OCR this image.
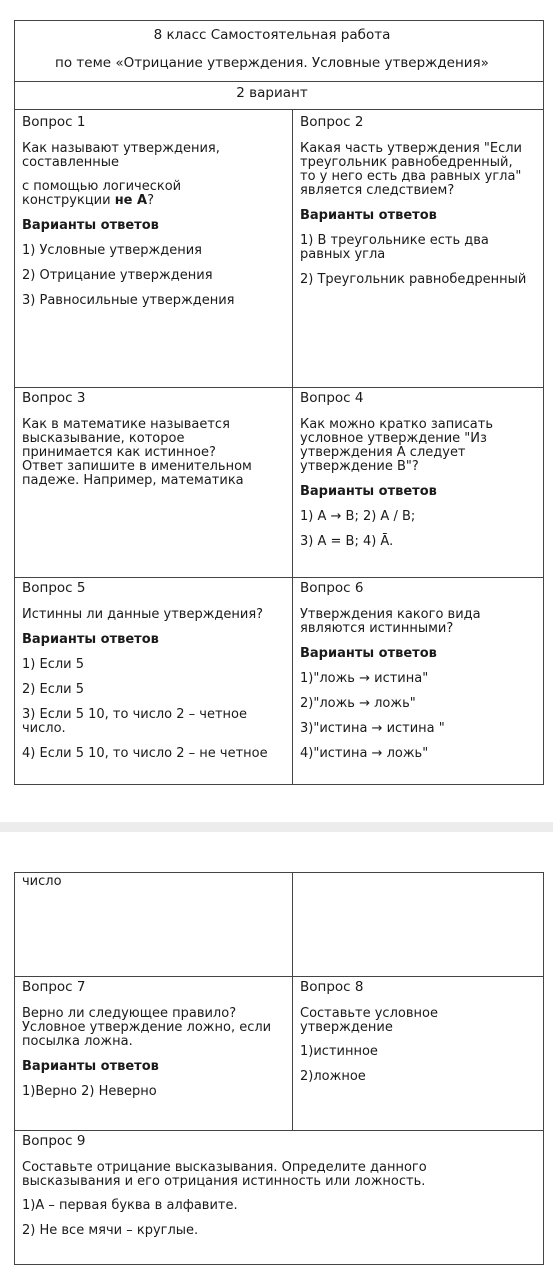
8 класс Самостоятельная работа
по теме «Отрицание утверждения. Условные утверждения»
2 вариант
Вопрос 1

Как называют утверждения,
составленные

с помощью логической
конструкции не А?

Варианты ответов
1) Условные утверждения
2) Отрицание утверждения
3) Равносильные утверждения
Вопрос 2

Какая часть утверждения "Если
треугольник равнобедренный,
то у него есть два равных угла"
является следствием?

Варианты ответов
1) В треугольнике есть два
равных угла
2) Треугольник равнобедренный
Вопрос 3

Как в математике называется
высказывание, которое
принимается как истинное?
Ответ запишите в именительном
падеже. Например, математика

Вопрос 4

Как можно кратко записать
условное утверждение "Из
утверждения А следует
утверждение В"?

Варианты ответов
1) A → B; 2) A / B;
3) A = B; 4) Ā.
Вопрос 5

Истинны ли данные утверждения?

Варианты ответов
1) Если 5
2) Если 5
3) Если 5 10, то число 2 – четное
число.
4) Если 5 10, то число 2 – не четное
Вопрос 6

Утверждения какого вида
являются истинными?

Варианты ответов
1)"ложь → истина"
2)"ложь → ложь"
3)"истина → истина "
4)"истина → ложь"

число

Вопрос 7

Верно ли следующее правило?
Условное утверждение ложно, если
посылка ложна.

Варианты ответов
1)Верно 2) Неверно
Вопрос 8

Составьте условное
утверждение

1)истинное
2)ложное
Вопрос 9

Составьте отрицание высказывания. Определите данного
высказывания и его отрицания истинность или ложность.

1)А – первая буква в алфавите.
2) Не все мячи – круглые.
